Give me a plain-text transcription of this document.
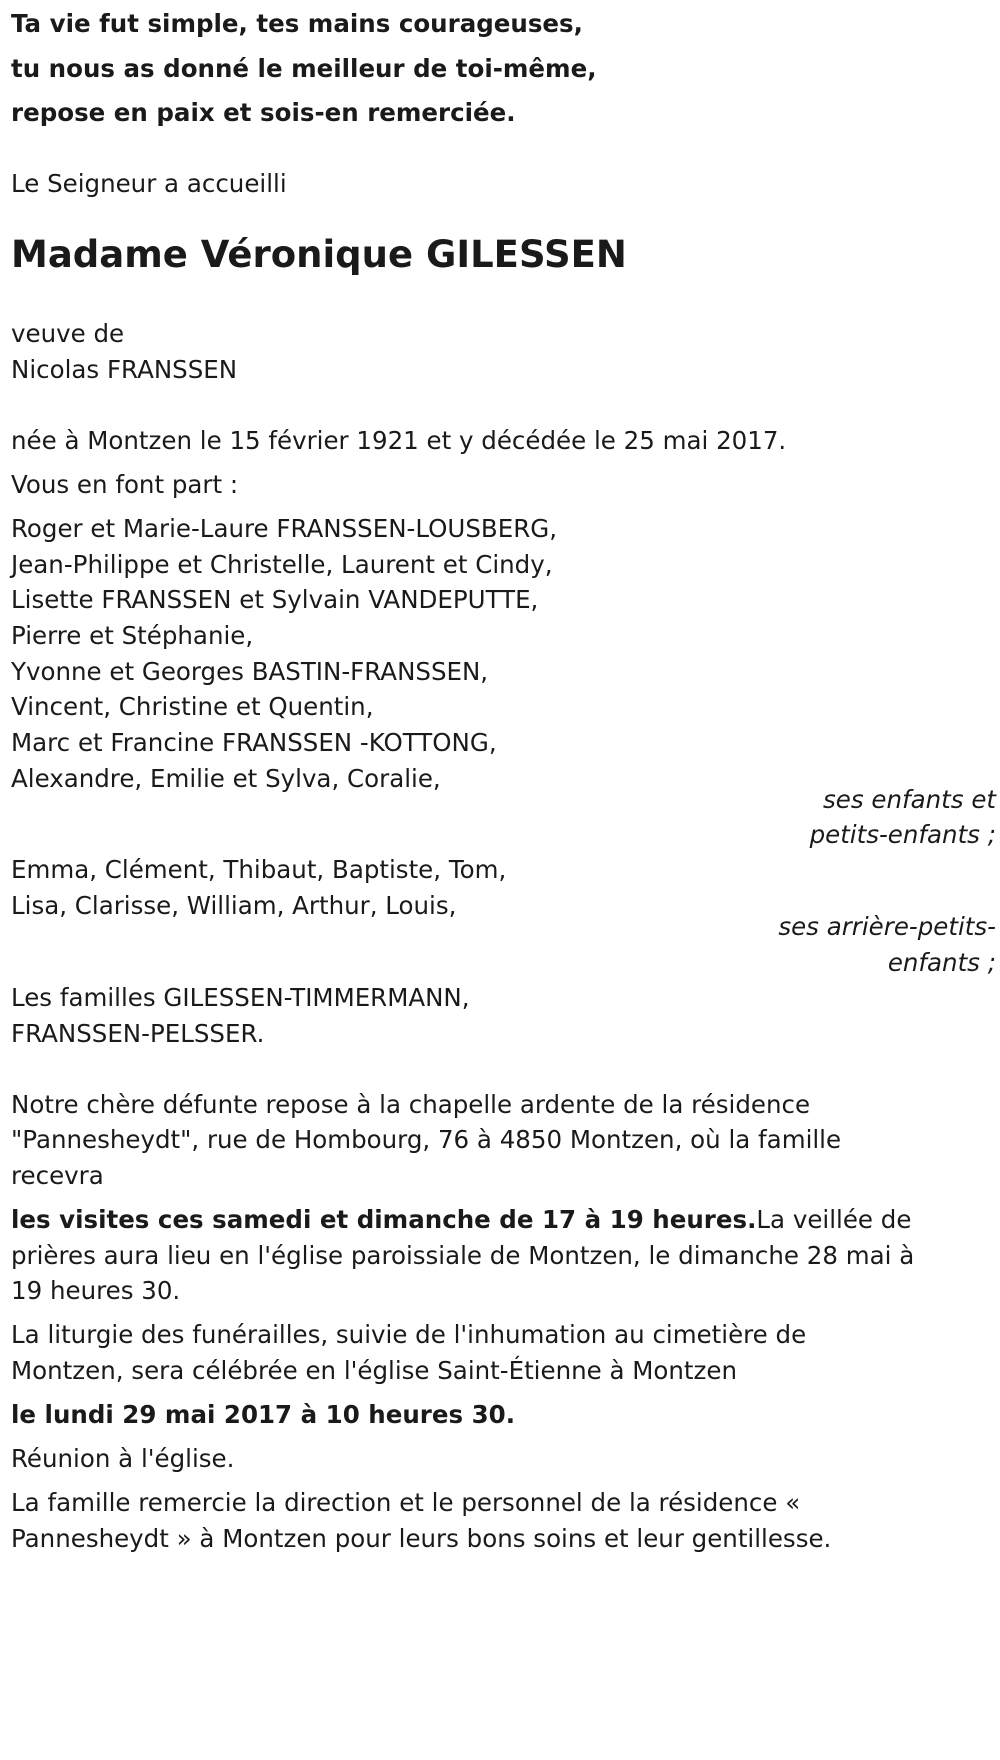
Ta vie fut simple, tes mains courageuses,
tu nous as donné le meilleur de toi-même,
repose en paix et sois-en remerciée.
Le Seigneur a accueilli
Madame Véronique GILESSEN
veuve de
Nicolas FRANSSEN
née à Montzen le 15 février 1921 et y décédée le 25 mai 2017.
Vous en font part :
Roger et Marie-Laure FRANSSEN-LOUSBERG,
Jean-Philippe et Christelle, Laurent et Cindy,
Lisette FRANSSEN et Sylvain VANDEPUTTE,
Pierre et Stéphanie,
Yvonne et Georges BASTIN-FRANSSEN,
Vincent, Christine et Quentin,
Marc et Francine FRANSSEN -KOTTONG,
Alexandre, Emilie et Sylva, Coralie,
ses enfants et
petits-enfants ;
Emma, Clément, Thibaut, Baptiste, Tom,
Lisa, Clarisse, William, Arthur, Louis,
ses arrière-petits-
enfants ;
Les familles GILESSEN-TIMMERMANN,
FRANSSEN-PELSSER.
Notre chère défunte repose à la chapelle ardente de la résidence
"Pannesheydt", rue de Hombourg, 76 à 4850 Montzen, où la famille
recevra
les visites ces samedi et dimanche de 17 à 19 heures.La veillée de
prières aura lieu en l'église paroissiale de Montzen, le dimanche 28 mai à
19 heures 30.
La liturgie des funérailles, suivie de l'inhumation au cimetière de
Montzen, sera célébrée en l'église Saint-Étienne à Montzen
le lundi 29 mai 2017 à 10 heures 30.
Réunion à l'église.
La famille remercie la direction et le personnel de la résidence «
Pannesheydt » à Montzen pour leurs bons soins et leur gentillesse.
